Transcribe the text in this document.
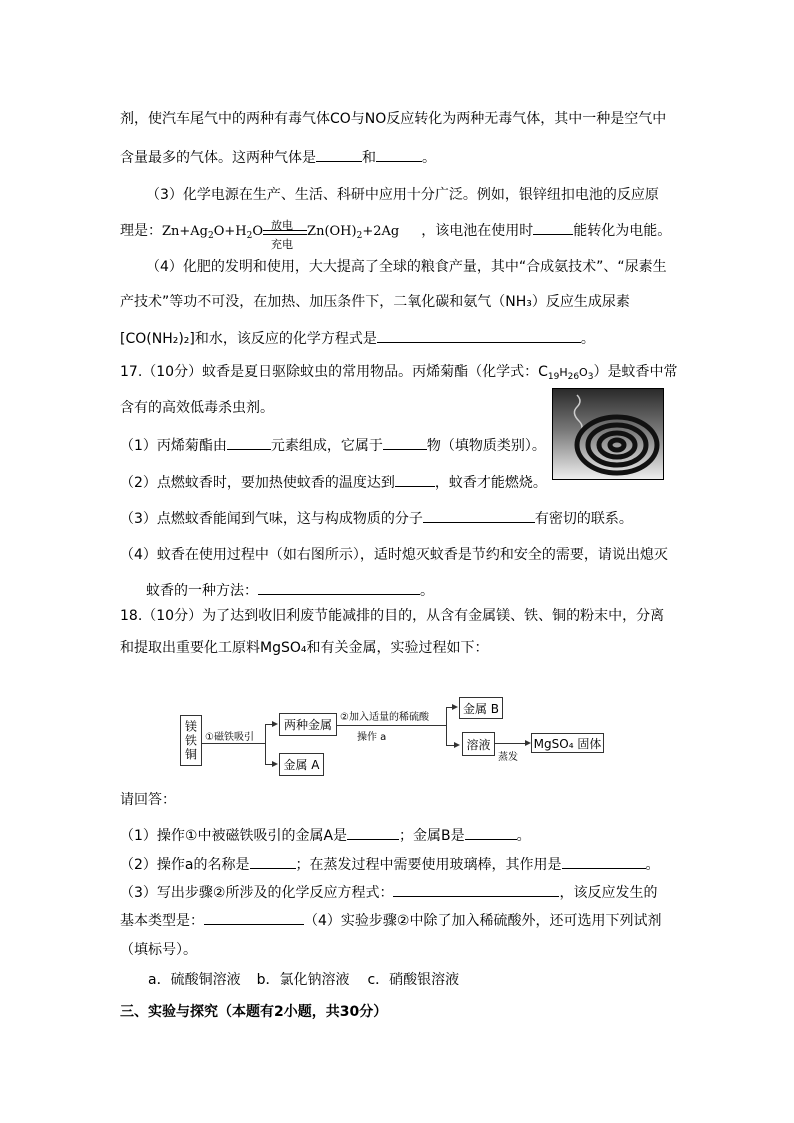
剂，使汽车尾气中的两种有毒气体CO与NO反应转化为两种无毒气体，其中一种是空气中
含量最多的气体。这两种气体是	和	。
（3）化学电源在生产、生活、科研中应用十分广泛。例如，银锌纽扣电池的反应原
理是：$Zn+Ag_2O+H_2O$ 放电
充电
$Zn(OH)_2+2Ag$ ，该电池在使用时	能转化为电能。
（4）化肥的发明和使用，大大提高了全球的粮食产量，其中“合成氨技术”、“尿素生
产技术”等功不可没，在加热、加压条件下，二氧化碳和氨气（NH₃）反应生成尿素
[CO(NH₂)₂]和水，该反应的化学方程式是	。
17.（10分）蚊香是夏日驱除蚊虫的常用物品。丙烯菊酯（化学式：$C_{19}H_{26}O_3$）是蚊香中常
含有的高效低毒杀虫剂。
（1）丙烯菊酯由	元素组成，它属于	物（填物质类别）。
（2）点燃蚊香时，要加热使蚊香的温度达到	，蚊香才能燃烧。
（3）点燃蚊香能闻到气味，这与构成物质的分子	有密切的联系。
（4）蚊香在使用过程中（如右图所示），适时熄灭蚊香是节约和安全的需要，请说出熄灭
蚊香的一种方法：	。
18.（10分）为了达到收旧利废节能减排的目的，从含有金属镁、铁、铜的粉末中，分离
和提取出重要化工原料MgSO₄和有关金属，实验过程如下：
镁铁铜 ①磁铁吸引
两种金属
金属 A
②加入适量的稀硫酸
操作 a
金属 B
溶液
蒸发
MgSO₄ 固体
请回答：
（1）操作①中被磁铁吸引的金属A是	；金属B是	。
（2）操作a的名称是	；在蒸发过程中需要使用玻璃棒，其作用是	。
（3）写出步骤②所涉及的化学反应方程式：	，该反应发生的
基本类型是：	（4）实验步骤②中除了加入稀硫酸外，还可选用下列试剂
（填标号）。
a．硫酸铜溶液 b．氯化钠溶液 c．硝酸银溶液
三、实验与探究（本题有2小题，共30分）
